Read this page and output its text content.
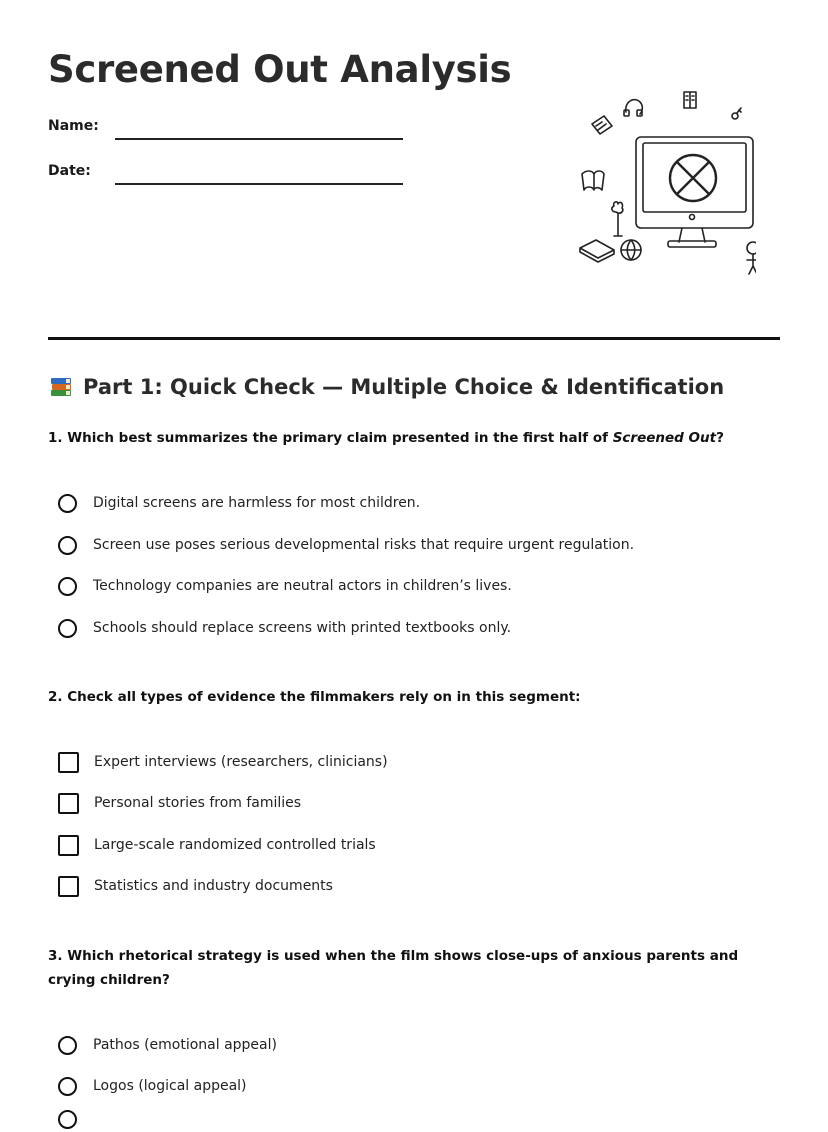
Screened Out Analysis
Name:
Date:
Part 1: Quick Check — Multiple Choice & Identification

1. Which best summarizes the primary claim presented in the first half of Screened Out?

Digital screens are harmless for most children.
Screen use poses serious developmental risks that require urgent regulation.
Technology companies are neutral actors in children’s lives.
Schools should replace screens with printed textbooks only.

2. Check all types of evidence the filmmakers rely on in this segment:

Expert interviews (researchers, clinicians)
Personal stories from families
Large-scale randomized controlled trials
Statistics and industry documents

3. Which rhetorical strategy is used when the film shows close-ups of anxious parents and crying children?

Pathos (emotional appeal)
Logos (logical appeal)
